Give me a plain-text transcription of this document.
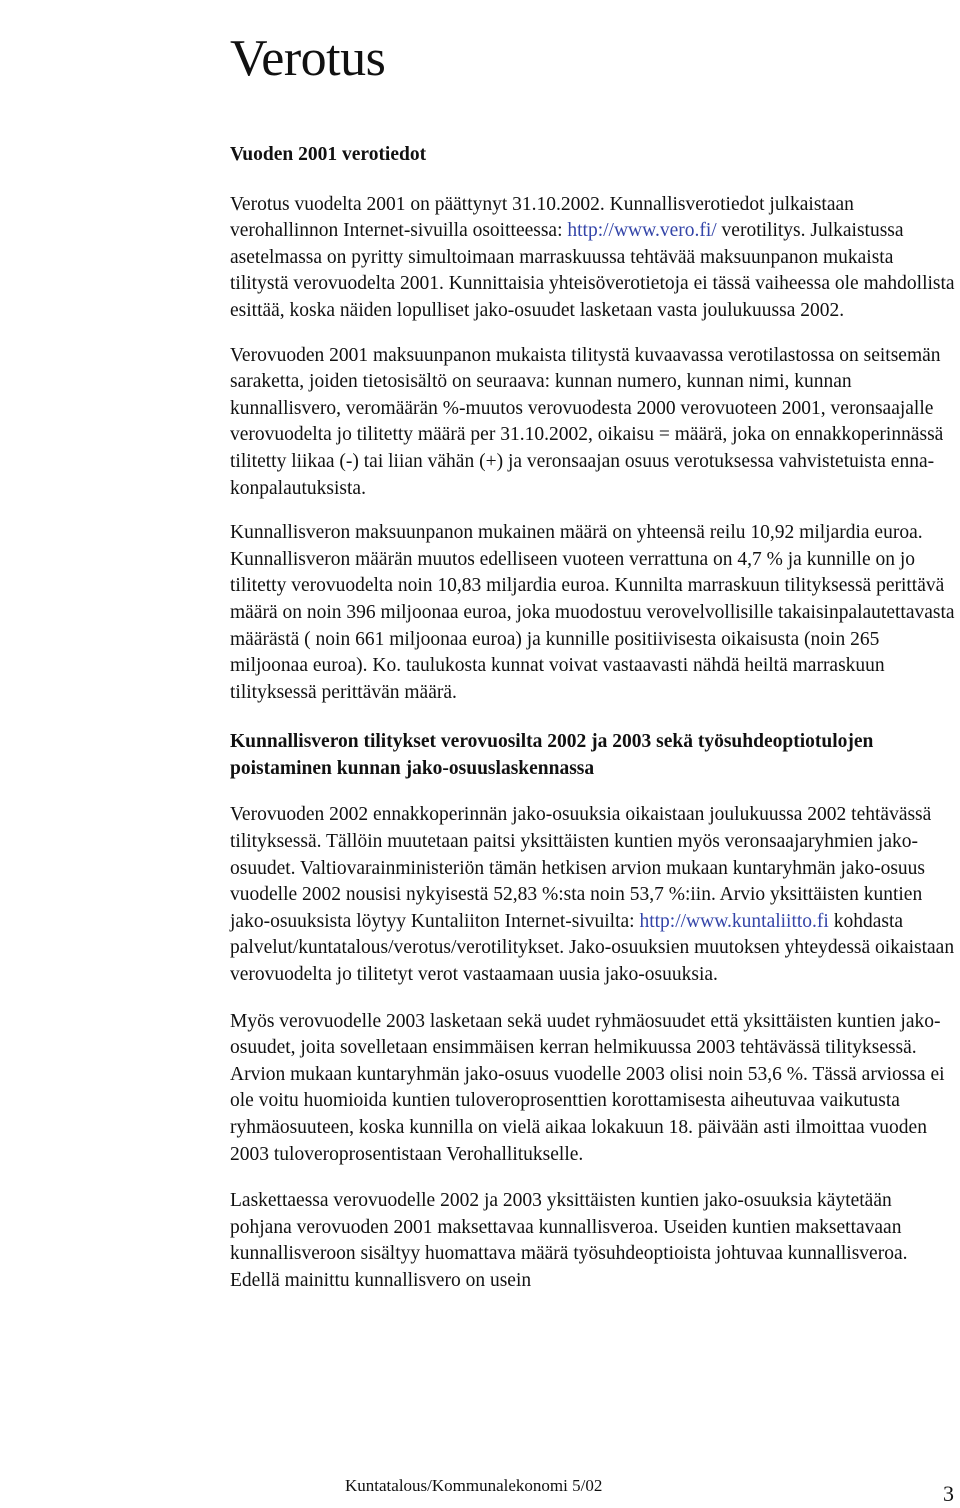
Verotus
Vuoden 2001 verotiedot

Verotus vuodelta 2001 on päättynyt 31.10.2002. Kunnallisverotiedot julkaistaan verohallinnon Internet-sivuilla osoitteessa: http://www.vero.fi/ verotilitys. Julkaistussa asetelmassa on pyritty simultoimaan marraskuussa tehtävää maksuunpanon mukaista tilitystä verovuodelta 2001. Kunnittaisia yhteisöverotietoja ei tässä vaiheessa ole mahdollista esittää, koska näiden lopulliset jako-osuudet lasketaan vasta joulukuussa 2002.

Verovuoden 2001 maksuunpanon mukaista tilitystä kuvaavassa verotilastossa on seitsemän saraketta, joiden tietosisältö on seuraava: kunnan numero, kunnan nimi, kunnan kunnallisvero, veromäärän %-muutos verovuodesta 2000 verovuoteen 2001, veronsaajalle verovuodelta jo tilitetty määrä per 31.10.2002, oikaisu = määrä, joka on ennakkoperinnässä tilitetty liikaa (-) tai liian vähän (+) ja veronsaajan osuus verotuksessa vahvistetuista ennakonpalautuksista.

Kunnallisveron maksuunpanon mukainen määrä on yhteensä reilu 10,92 miljardia euroa. Kunnallisveron määrän muutos edelliseen vuoteen verrattuna on 4,7 % ja kunnille on jo tilitetty verovuodelta noin 10,83 miljardia euroa. Kunnilta marraskuun tilityksessä perittävä määrä on noin 396 miljoonaa euroa, joka muodostuu verovelvollisille takaisinpalautettavasta määrästä ( noin 661 miljoonaa euroa) ja kunnille positiivisesta oikaisusta (noin 265 miljoonaa euroa). Ko. taulukosta kunnat voivat vastaavasti nähdä heiltä marraskuun tilityksessä perittävän määrä.

Kunnallisveron tilitykset verovuosilta 2002 ja 2003 sekä työsuhdeoptiotulojen poistaminen kunnan jako-osuuslaskennassa

Verovuoden 2002 ennakkoperinnän jako-osuuksia oikaistaan joulukuussa 2002 tehtävässä tilityksessä. Tällöin muutetaan paitsi yksittäisten kuntien myös veronsaajaryhmien jako-osuudet. Valtiovarainministeriön tämän hetkisen arvion mukaan kuntaryhmän jako-osuus vuodelle 2002 nousisi nykyisestä 52,83 %:sta noin 53,7 %:iin. Arvio yksittäisten kuntien jako-osuuksista löytyy Kuntaliiton Internet-sivuilta: http://www.kuntaliitto.fi kohdasta palvelut/kuntatalous/verotus/verotilitykset. Jako-osuuksien muutoksen yhteydessä oikaistaan verovuodelta jo tilitetyt verot vastaamaan uusia jako-osuuksia.

Myös verovuodelle 2003 lasketaan sekä uudet ryhmäosuudet että yksittäisten kuntien jako-osuudet, joita sovelletaan ensimmäisen kerran helmikuussa 2003 tehtävässä tilityksessä. Arvion mukaan kuntaryhmän jako-osuus vuodelle 2003 olisi noin 53,6 %. Tässä arviossa ei ole voitu huomioida kuntien tuloveroprosenttien korottamisesta aiheutuvaa vaikutusta ryhmäosuuteen, koska kunnilla on vielä aikaa lokakuun 18. päivään asti ilmoittaa vuoden 2003 tuloveroprosentistaan Verohallitukselle.

Laskettaessa verovuodelle 2002 ja 2003 yksittäisten kuntien jako-osuuksia käytetään pohjana verovuoden 2001 maksettavaa kunnallisveroa. Useiden kuntien maksettavaan kunnallisveroon sisältyy huomattava määrä työsuhdeoptioista johtuvaa kunnallisveroa. Edellä mainittu kunnallisvero on usein

Kuntatalous/Kommunalekonomi 5/02	3
